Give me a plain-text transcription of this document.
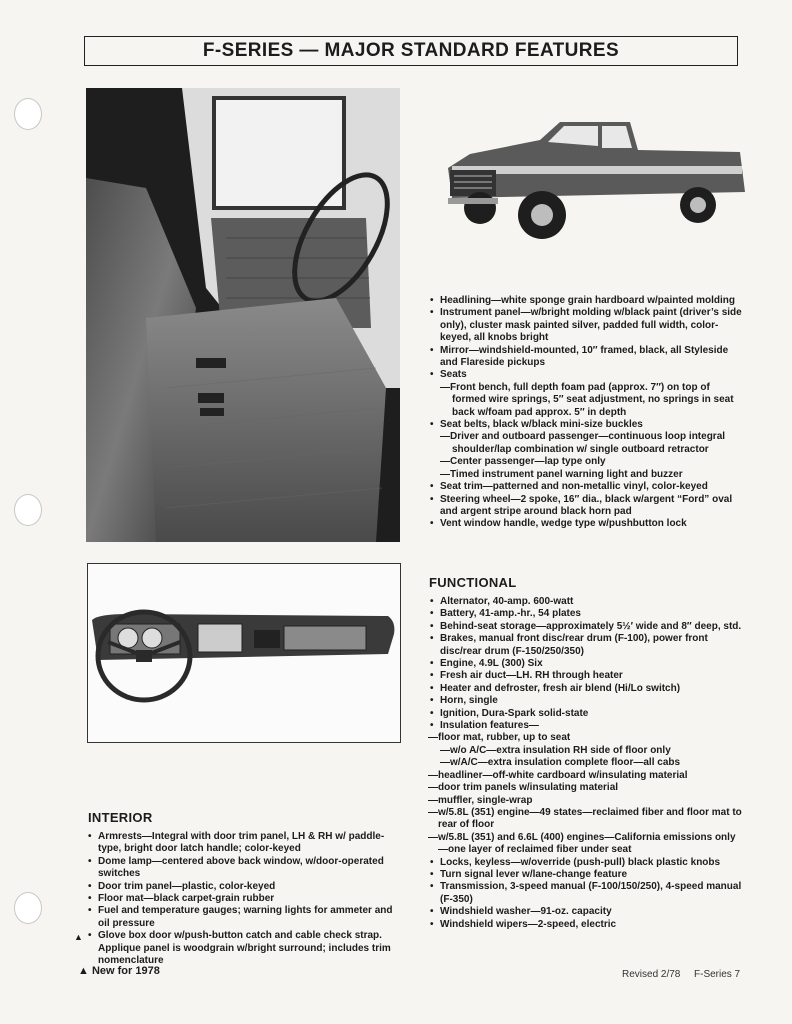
F-SERIES — MAJOR STANDARD FEATURES
• Headlining—white sponge grain hardboard w/painted molding
• Instrument panel—w/bright molding w/black paint (driver’s side only), cluster mask painted silver, padded full width, color-keyed, all knobs bright
• Mirror—windshield-mounted, 10″ framed, black, all Styleside and Flareside pickups
• Seats
—Front bench, full depth foam pad (approx. 7″) on top of formed wire springs, 5″ seat adjustment, no springs in seat back w/foam pad approx. 5″ in depth
• Seat belts, black w/black mini-size buckles
—Driver and outboard passenger—continuous loop integral shoulder/lap combination w/ single outboard retractor
—Center passenger—lap type only
—Timed instrument panel warning light and buzzer
• Seat trim—patterned and non-metallic vinyl, color-keyed
• Steering wheel—2 spoke, 16″ dia., black w/argent “Ford” oval and argent stripe around black horn pad
• Vent window handle, wedge type w/pushbutton lock
FUNCTIONAL
• Alternator, 40-amp. 600-watt
• Battery, 41-amp.-hr., 54 plates
• Behind-seat storage—approximately 5½′ wide and 8″ deep, std.
• Brakes, manual front disc/rear drum (F-100), power front disc/rear drum (F-150/250/350)
• Engine, 4.9L (300) Six
• Fresh air duct—LH. RH through heater
• Heater and defroster, fresh air blend (Hi/Lo switch)
• Horn, single
• Ignition, Dura-Spark solid-state
• Insulation features—
—floor mat, rubber, up to seat
—w/o A/C—extra insulation RH side of floor only
—w/A/C—extra insulation complete floor—all cabs
—headliner—off-white cardboard w/insulating material
—door trim panels w/insulating material
—muffler, single-wrap
—w/5.8L (351) engine—49 states—reclaimed fiber and floor mat to rear of floor
—w/5.8L (351) and 6.6L (400) engines—California emissions only—one layer of reclaimed fiber under seat
• Locks, keyless—w/override (push-pull) black plastic knobs
• Turn signal lever w/lane-change feature
• Transmission, 3-speed manual (F-100/150/250), 4-speed manual (F-350)
• Windshield washer—91-oz. capacity
• Windshield wipers—2-speed, electric
INTERIOR
• Armrests—Integral with door trim panel, LH & RH w/ paddle-type, bright door latch handle; color-keyed
• Dome lamp—centered above back window, w/door-operated switches
• Door trim panel—plastic, color-keyed
• Floor mat—black carpet-grain rubber
• Fuel and temperature gauges; warning lights for ammeter and oil pressure
• Glove box door w/push-button catch and cable check strap. Applique panel is woodgrain w/bright surround; includes trim nomenclature
▲
▲ New for 1978	Revised 2/78 F-Series 7
